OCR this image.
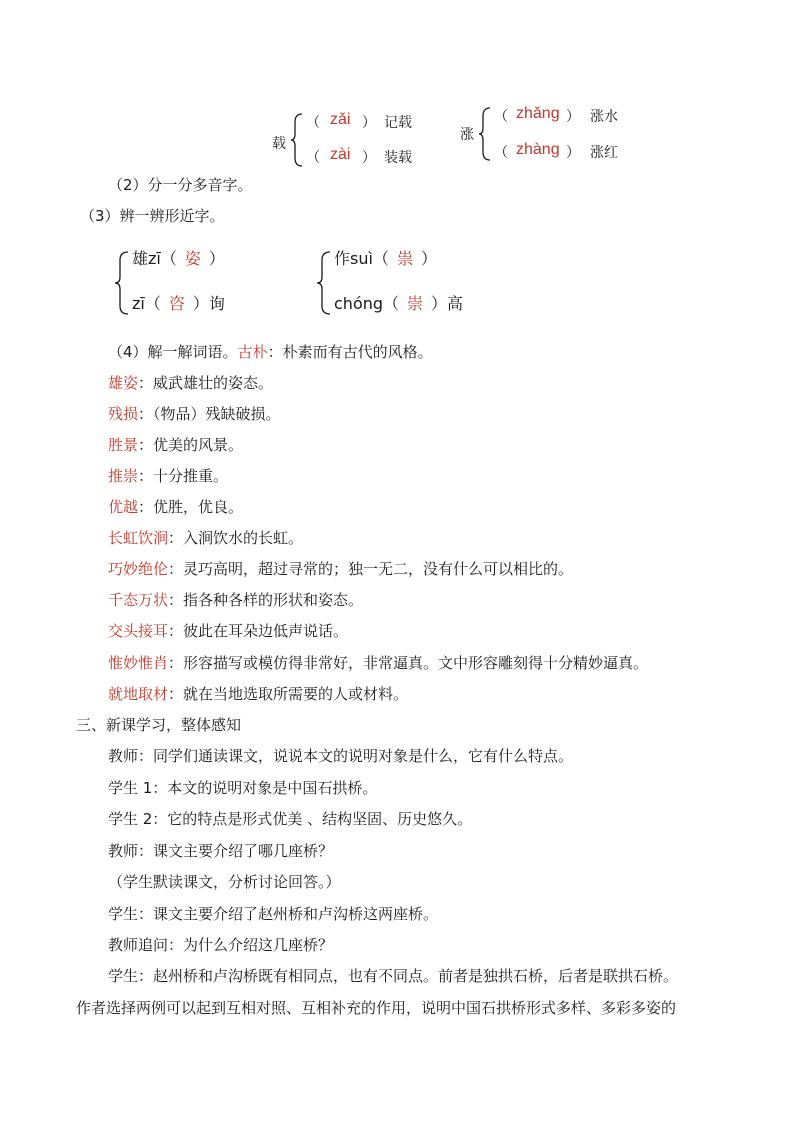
载
（ zǎi ） 记载
（ zài ） 装载
涨
（ zhǎng ） 涨水
（ zhàng ） 涨红
（2）分一分多音字。
（3）辨一辨形近字。
雄zī（ 姿 ）
zī（ 咨 ）询
作suì（ 祟 ）
chóng（ 崇 ）高
（4）解一解词语。古朴：朴素而有古代的风格。
雄姿：威武雄壮的姿态。
残损：（物品）残缺破损。
胜景：优美的风景。
推崇：十分推重。
优越：优胜，优良。
长虹饮涧：入涧饮水的长虹。
巧妙绝伦：灵巧高明，超过寻常的；独一无二，没有什么可以相比的。
千态万状：指各种各样的形状和姿态。
交头接耳：彼此在耳朵边低声说话。
惟妙惟肖：形容描写或模仿得非常好，非常逼真。文中形容雕刻得十分精妙逼真。
就地取材：就在当地选取所需要的人或材料。
三、新课学习，整体感知
教师：同学们通读课文，说说本文的说明对象是什么，它有什么特点。
学生 1：本文的说明对象是中国石拱桥。
学生 2：它的特点是形式优美 、结构坚固、历史悠久。
教师：课文主要介绍了哪几座桥？
（学生默读课文，分析讨论回答。）
学生：课文主要介绍了赵州桥和卢沟桥这两座桥。
教师追问：为什么介绍这几座桥？
学生：赵州桥和卢沟桥既有相同点，也有不同点。前者是独拱石桥，后者是联拱石桥。
作者选择两例可以起到互相对照、互相补充的作用，说明中国石拱桥形式多样、多彩多姿的
